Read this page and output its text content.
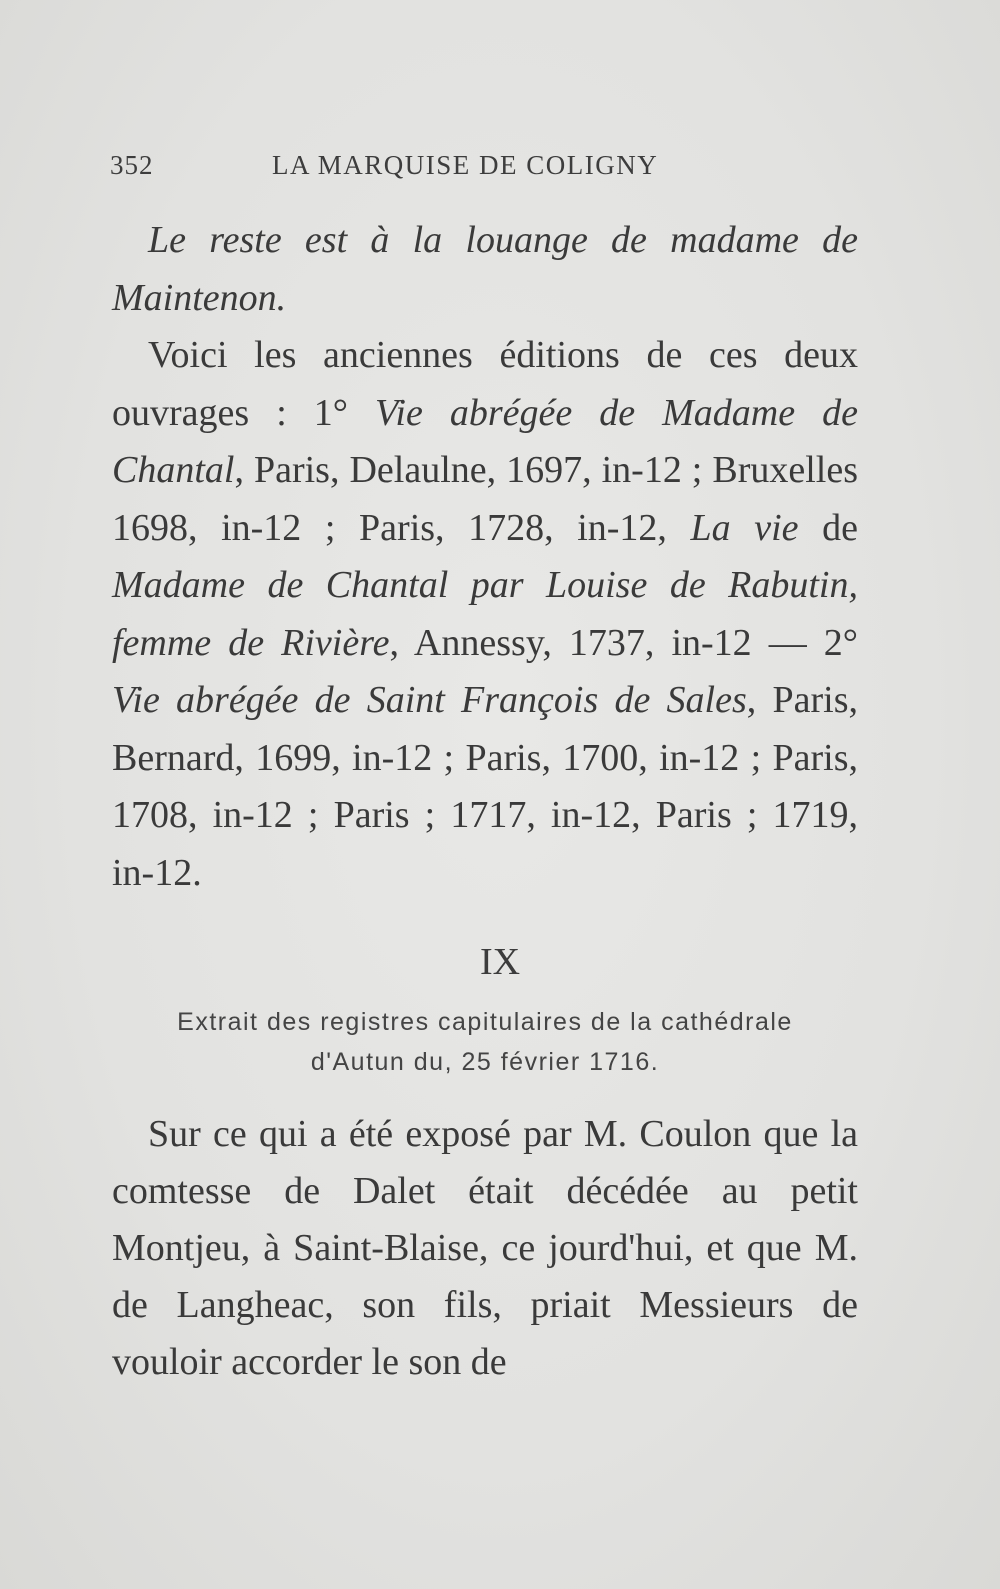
352	LA MARQUISE DE COLIGNY

Le reste est à la louange de madame de Maintenon.

Voici les anciennes éditions de ces deux ouvrages : 1° Vie abrégée de Madame de Chantal, Paris, Delaulne, 1697, in-12 ; Bruxelles 1698, in-12 ; Paris, 1728, in-12, La vie de Madame de Chantal par Louise de Rabutin, femme de Rivière, Annessy, 1737, in-12 — 2° Vie abrégée de Saint François de Sales, Paris, Bernard, 1699, in-12 ; Paris, 1700, in-12 ; Paris, 1708, in-12 ; Paris ; 1717, in-12, Paris ; 1719, in-12.

IX
Extrait des registres capitulaires de la cathédrale
d'Autun du, 25 février 1716.

Sur ce qui a été exposé par M. Coulon que la comtesse de Dalet était décédée au petit Montjeu, à Saint-Blaise, ce jourd'hui, et que M. de Langheac, son fils, priait Messieurs de vouloir accorder le son de
